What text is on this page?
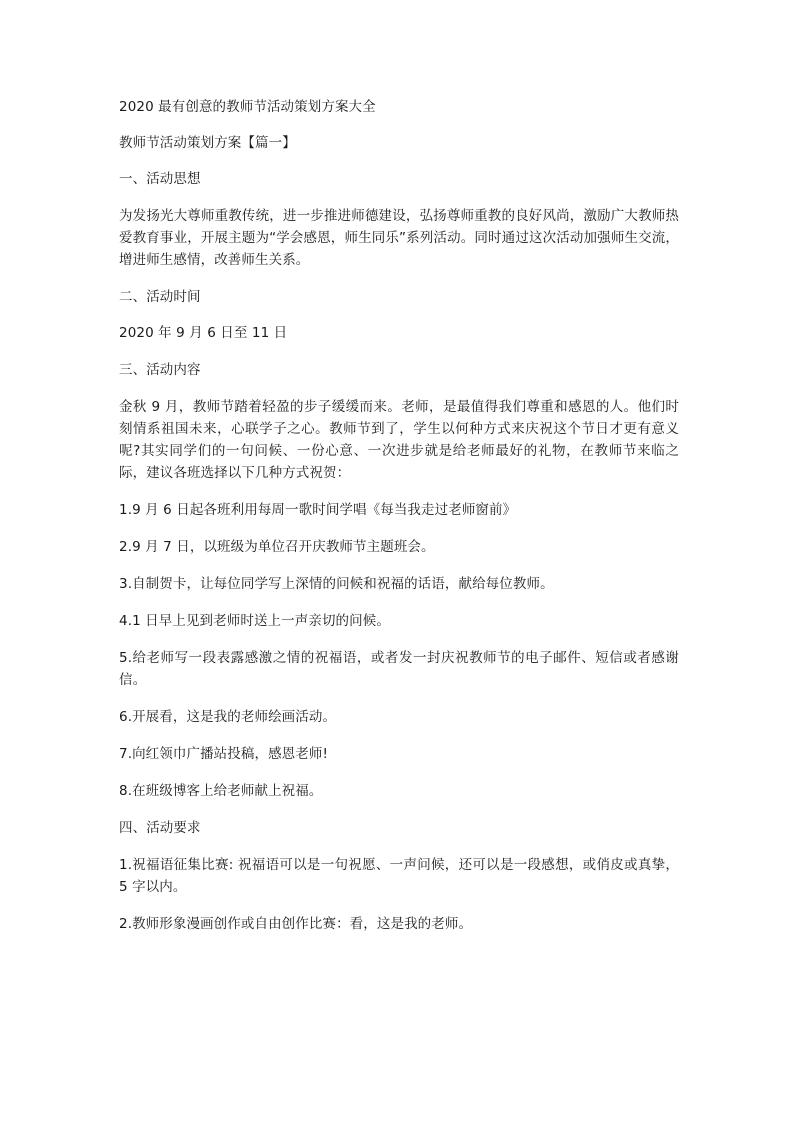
2020 最有创意的教师节活动策划方案大全

教师节活动策划方案【篇一】

一、活动思想

为发扬光大尊师重教传统，进一步推进师德建设，弘扬尊师重教的良好风尚，激励广大教师热爱教育事业，开展主题为“学会感恩，师生同乐”系列活动。同时通过这次活动加强师生交流，增进师生感情，改善师生关系。

二、活动时间

2020 年 9 月 6 日至 11 日

三、活动内容

金秋 9 月，教师节踏着轻盈的步子缓缓而来。老师，是最值得我们尊重和感恩的人。他们时刻情系祖国未来，心联学子之心。教师节到了，学生以何种方式来庆祝这个节日才更有意义呢?其实同学们的一句问候、一份心意、一次进步就是给老师最好的礼物，在教师节来临之际，建议各班选择以下几种方式祝贺：

1.9 月 6 日起各班利用每周一歌时间学唱《每当我走过老师窗前》

2.9 月 7 日，以班级为单位召开庆教师节主题班会。

3.自制贺卡，让每位同学写上深情的问候和祝福的话语，献给每位教师。

4.1 日早上见到老师时送上一声亲切的问候。

5.给老师写一段表露感激之情的祝福语，或者发一封庆祝教师节的电子邮件、短信或者感谢信。

6.开展看，这是我的老师绘画活动。

7.向红领巾广播站投稿，感恩老师!

8.在班级博客上给老师献上祝福。

四、活动要求

1.祝福语征集比赛: 祝福语可以是一句祝愿、一声问候，还可以是一段感想，或俏皮或真挚，5 字以内。

2.教师形象漫画创作或自由创作比赛：看，这是我的老师。
